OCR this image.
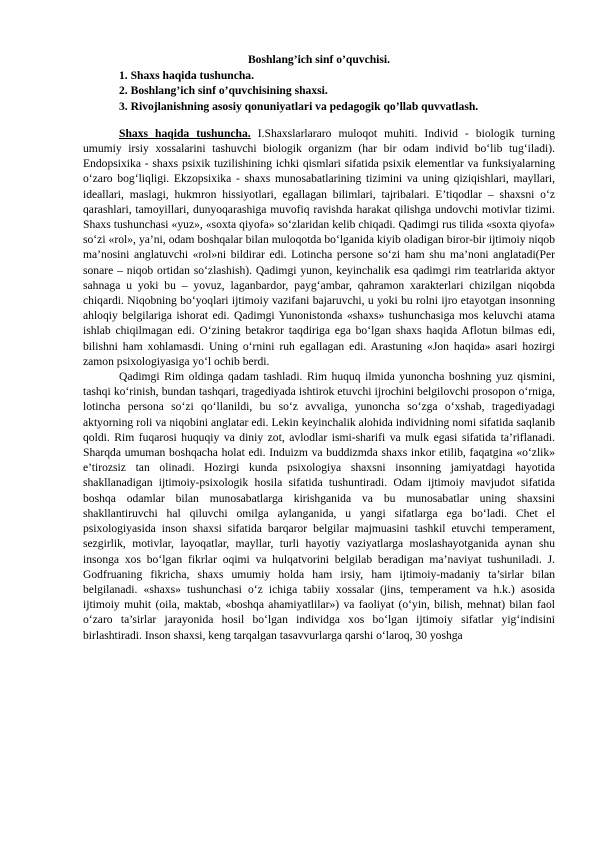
Boshlang’ich sinf o’quvchisi.
1. Shaxs haqida tushuncha.
2. Boshlang’ich sinf o’quvchisining shaxsi.
3. Rivojlanishning asosiy qonuniyatlari va pedagogik qo’llab quvvatlash.

Shaxs haqida tushuncha. I.Shaxslarlararo muloqot muhiti. Individ - biologik turning umumiy irsiy xossalarini tashuvchi biologik organizm (har bir odam individ bo‘lib tug‘iladi). Endopsixika - shaxs psixik tuzilishining ichki qismlari sifatida psixik elementlar va funksiyalarning o‘zaro bog‘liqligi. Ekzopsixika - shaxs munosabatlarining tizimini va uning qiziqishlari, mayllari, ideallari, maslagi, hukmron hissiyotlari, egallagan bilimlari, tajribalari. E’tiqodlar – shaxsni o‘z qarashlari, tamoyillari, dunyoqarashiga muvofiq ravishda harakat qilishga undovchi motivlar tizimi. Shaxs tushunchasi «yuz», «soxta qiyofa» so‘zlaridan kelib chiqadi. Qadimgi rus tilida «soxta qiyofa» so‘zi «rol», ya’ni, odam boshqalar bilan muloqotda bo‘lganida kiyib oladigan biror-bir ijtimoiy niqob ma’nosini anglatuvchi «rol»ni bildirar edi. Lotincha persone so‘zi ham shu ma’noni anglatadi(Per sonare – niqob ortidan so‘zlashish). Qadimgi yunon, keyinchalik esa qadimgi rim teatrlarida aktyor sahnaga u yoki bu – yovuz, laganbardor, payg‘ambar, qahramon xarakterlari chizilgan niqobda chiqardi. Niqobning bo‘yoqlari ijtimoiy vazifani bajaruvchi, u yoki bu rolni ijro etayotgan insonning ahloqiy belgilariga ishorat edi. Qadimgi Yunonistonda «shaxs» tushunchasiga mos keluvchi atama ishlab chiqilmagan edi. O‘zining betakror taqdiriga ega bo‘lgan shaxs haqida Aflotun bilmas edi, bilishni ham xohlamasdi. Uning o‘rnini ruh egallagan edi. Arastuning «Jon haqida» asari hozirgi zamon psixologiyasiga yo‘l ochib berdi.

Qadimgi Rim oldinga qadam tashladi. Rim huquq ilmida yunoncha boshning yuz qismini, tashqi ko‘rinish, bundan tashqari, tragediyada ishtirok etuvchi ijrochini belgilovchi prosopon o‘rniga, lotincha persona so‘zi qo‘llanildi, bu so‘z avvaliga, yunoncha so‘zga o‘xshab, tragediyadagi aktyorning roli va niqobini anglatar edi. Lekin keyinchalik alohida individning nomi sifatida saqlanib qoldi. Rim fuqarosi huquqiy va diniy zot, avlodlar ismi-sharifi va mulk egasi sifatida ta’riflanadi. Sharqda umuman boshqacha holat edi. Induizm va buddizmda shaxs inkor etilib, faqatgina «o‘zlik» e’tirozsiz tan olinadi. Hozirgi kunda psixologiya shaxsni insonning jamiyatdagi hayotida shakllanadigan ijtimoiy-psixologik hosila sifatida tushuntiradi. Odam ijtimoiy mavjudot sifatida boshqa odamlar bilan munosabatlarga kirishganida va bu munosabatlar uning shaxsini shakllantiruvchi hal qiluvchi omilga aylanganida, u yangi sifatlarga ega bo‘ladi. Chet el psixologiyasida inson shaxsi sifatida barqaror belgilar majmuasini tashkil etuvchi temperament, sezgirlik, motivlar, layoqatlar, mayllar, turli hayotiy vaziyatlarga moslashayotganida aynan shu insonga xos bo‘lgan fikrlar oqimi va hulqatvorini belgilab beradigan ma’naviyat tushuniladi. J. Godfruaning fikricha, shaxs umumiy holda ham irsiy, ham ijtimoiy-madaniy ta’sirlar bilan belgilanadi. «shaxs» tushunchasi o‘z ichiga tabiiy xossalar (jins, temperament va h.k.) asosida ijtimoiy muhit (oila, maktab, «boshqa ahamiyatlilar») va faoliyat (o‘yin, bilish, mehnat) bilan faol o‘zaro ta’sirlar jarayonida hosil bo‘lgan individga xos bo‘lgan ijtimoiy sifatlar yig‘indisini birlashtiradi. Inson shaxsi, keng tarqalgan tasavvurlarga qarshi o‘laroq, 30 yoshga
